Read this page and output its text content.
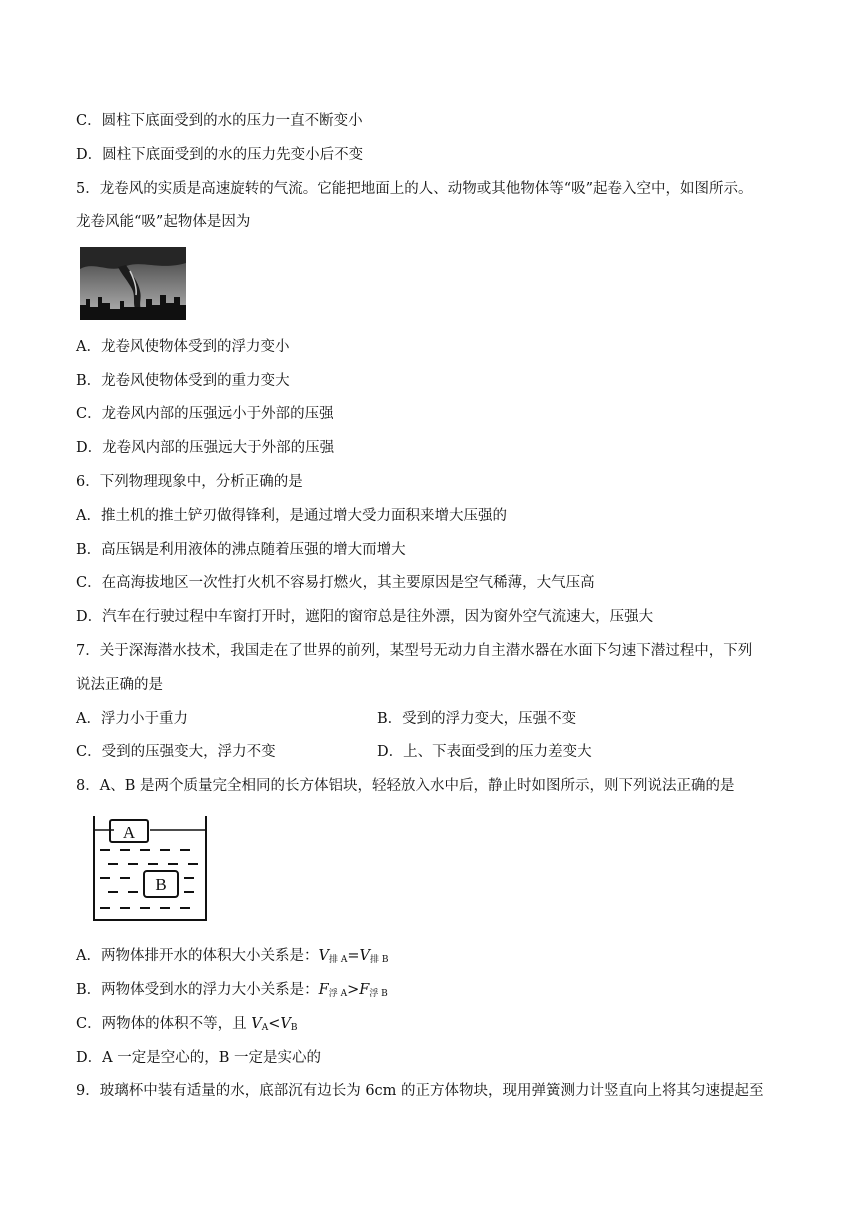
C．圆柱下底面受到的水的压力一直不断变小
D．圆柱下底面受到的水的压力先变小后不变
5．龙卷风的实质是高速旋转的气流。它能把地面上的人、动物或其他物体等“吸”起卷入空中，如图所示。
龙卷风能“吸”起物体是因为
A．龙卷风使物体受到的浮力变小
B．龙卷风使物体受到的重力变大
C．龙卷风内部的压强远小于外部的压强
D．龙卷风内部的压强远大于外部的压强
6．下列物理现象中，分析正确的是
A．推土机的推土铲刃做得锋利，是通过增大受力面积来增大压强的
B．高压锅是利用液体的沸点随着压强的增大而增大
C．在高海拔地区一次性打火机不容易打燃火，其主要原因是空气稀薄，大气压高
D．汽车在行驶过程中车窗打开时，遮阳的窗帘总是往外漂，因为窗外空气流速大，压强大
7．关于深海潜水技术，我国走在了世界的前列，某型号无动力自主潜水器在水面下匀速下潜过程中，下列
说法正确的是
A．浮力小于重力	B．受到的浮力变大，压强不变
C．受到的压强变大，浮力不变	D．上、下表面受到的压力差变大
8．A、B 是两个质量完全相同的长方体铝块，轻轻放入水中后，静止时如图所示，则下列说法正确的是
A
B
A．两物体排开水的体积大小关系是：$V_{排 A}=V_{排 B}$
B．两物体受到水的浮力大小关系是：$F_{浮 A}>F_{浮 B}$
C．两物体的体积不等，且 $V_A<V_B$
D．A 一定是空心的，B 一定是实心的
9．玻璃杯中装有适量的水，底部沉有边长为 6cm 的正方体物块，现用弹簧测力计竖直向上将其匀速提起至
